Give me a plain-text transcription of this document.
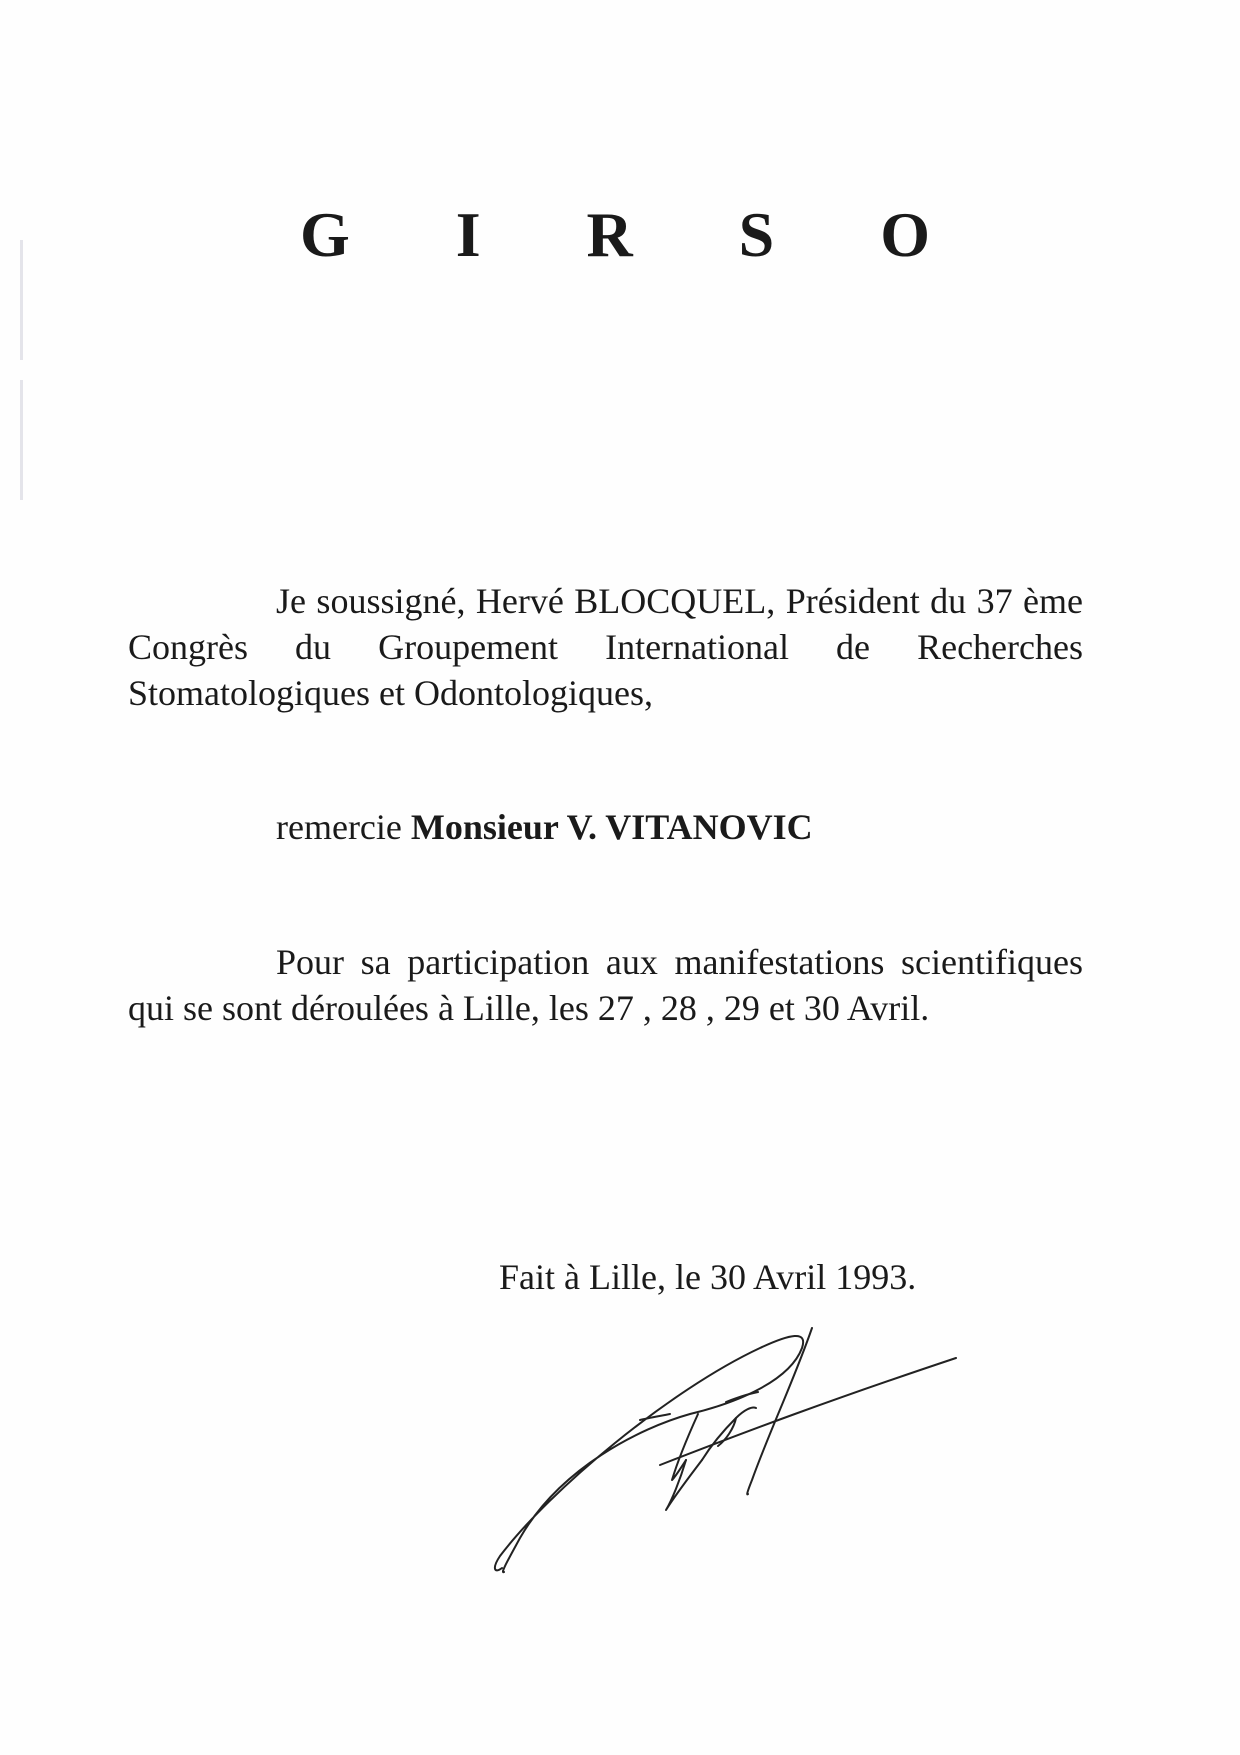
G I R S O

Je soussigné, Hervé BLOCQUEL, Président du 37 ème Congrès du Groupement International de Recherches Stomatologiques et Odontologiques,

remercie Monsieur V. VITANOVIC

Pour sa participation aux manifestations scientifiques qui se sont déroulées à Lille, les 27 , 28 , 29 et 30 Avril.

Fait à Lille, le 30 Avril 1993.
